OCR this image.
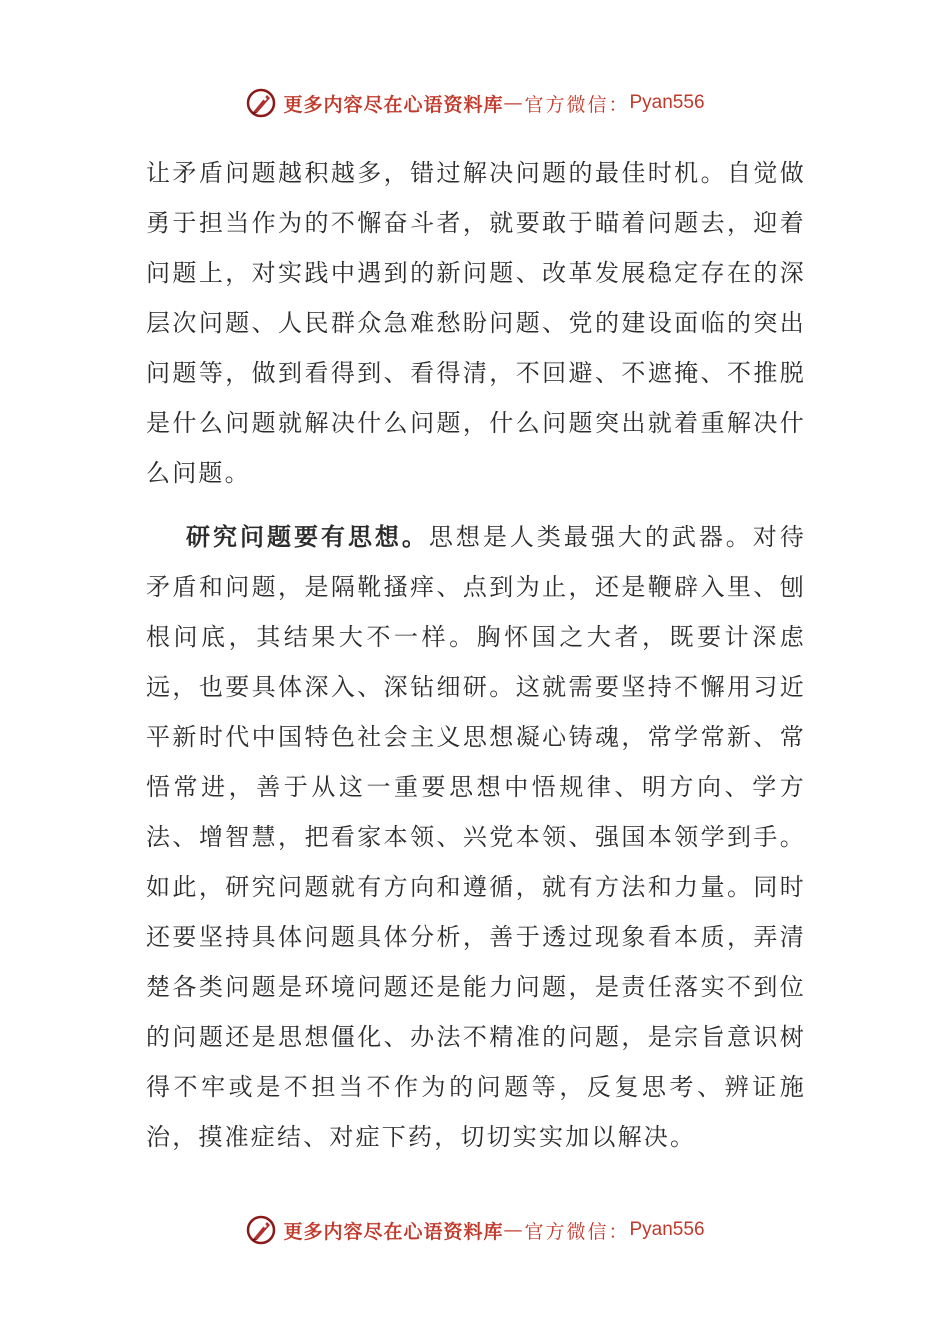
更多内容尽在心语资料库 — 官方微信： Pyan556

让矛盾问题越积越多，错过解决问题的最佳时机。自觉做勇于担当作为的不懈奋斗者，就要敢于瞄着问题去，迎着问题上，对实践中遇到的新问题、改革发展稳定存在的深层次问题、人民群众急难愁盼问题、党的建设面临的突出问题等，做到看得到、看得清，不回避、不遮掩、不推脱是什么问题就解决什么问题，什么问题突出就着重解决什么问题。

研究问题要有思想。思想是人类最强大的武器。对待矛盾和问题，是隔靴搔痒、点到为止，还是鞭辟入里、刨根问底，其结果大不一样。胸怀国之大者，既要计深虑远，也要具体深入、深钻细研。这就需要坚持不懈用习近平新时代中国特色社会主义思想凝心铸魂，常学常新、常悟常进，善于从这一重要思想中悟规律、明方向、学方法、增智慧，把看家本领、兴党本领、强国本领学到手。如此，研究问题就有方向和遵循，就有方法和力量。同时还要坚持具体问题具体分析，善于透过现象看本质，弄清楚各类问题是环境问题还是能力问题，是责任落实不到位的问题还是思想僵化、办法不精准的问题，是宗旨意识树得不牢或是不担当不作为的问题等，反复思考、辨证施治，摸准症结、对症下药，切切实实加以解决。

更多内容尽在心语资料库 — 官方微信： Pyan556
